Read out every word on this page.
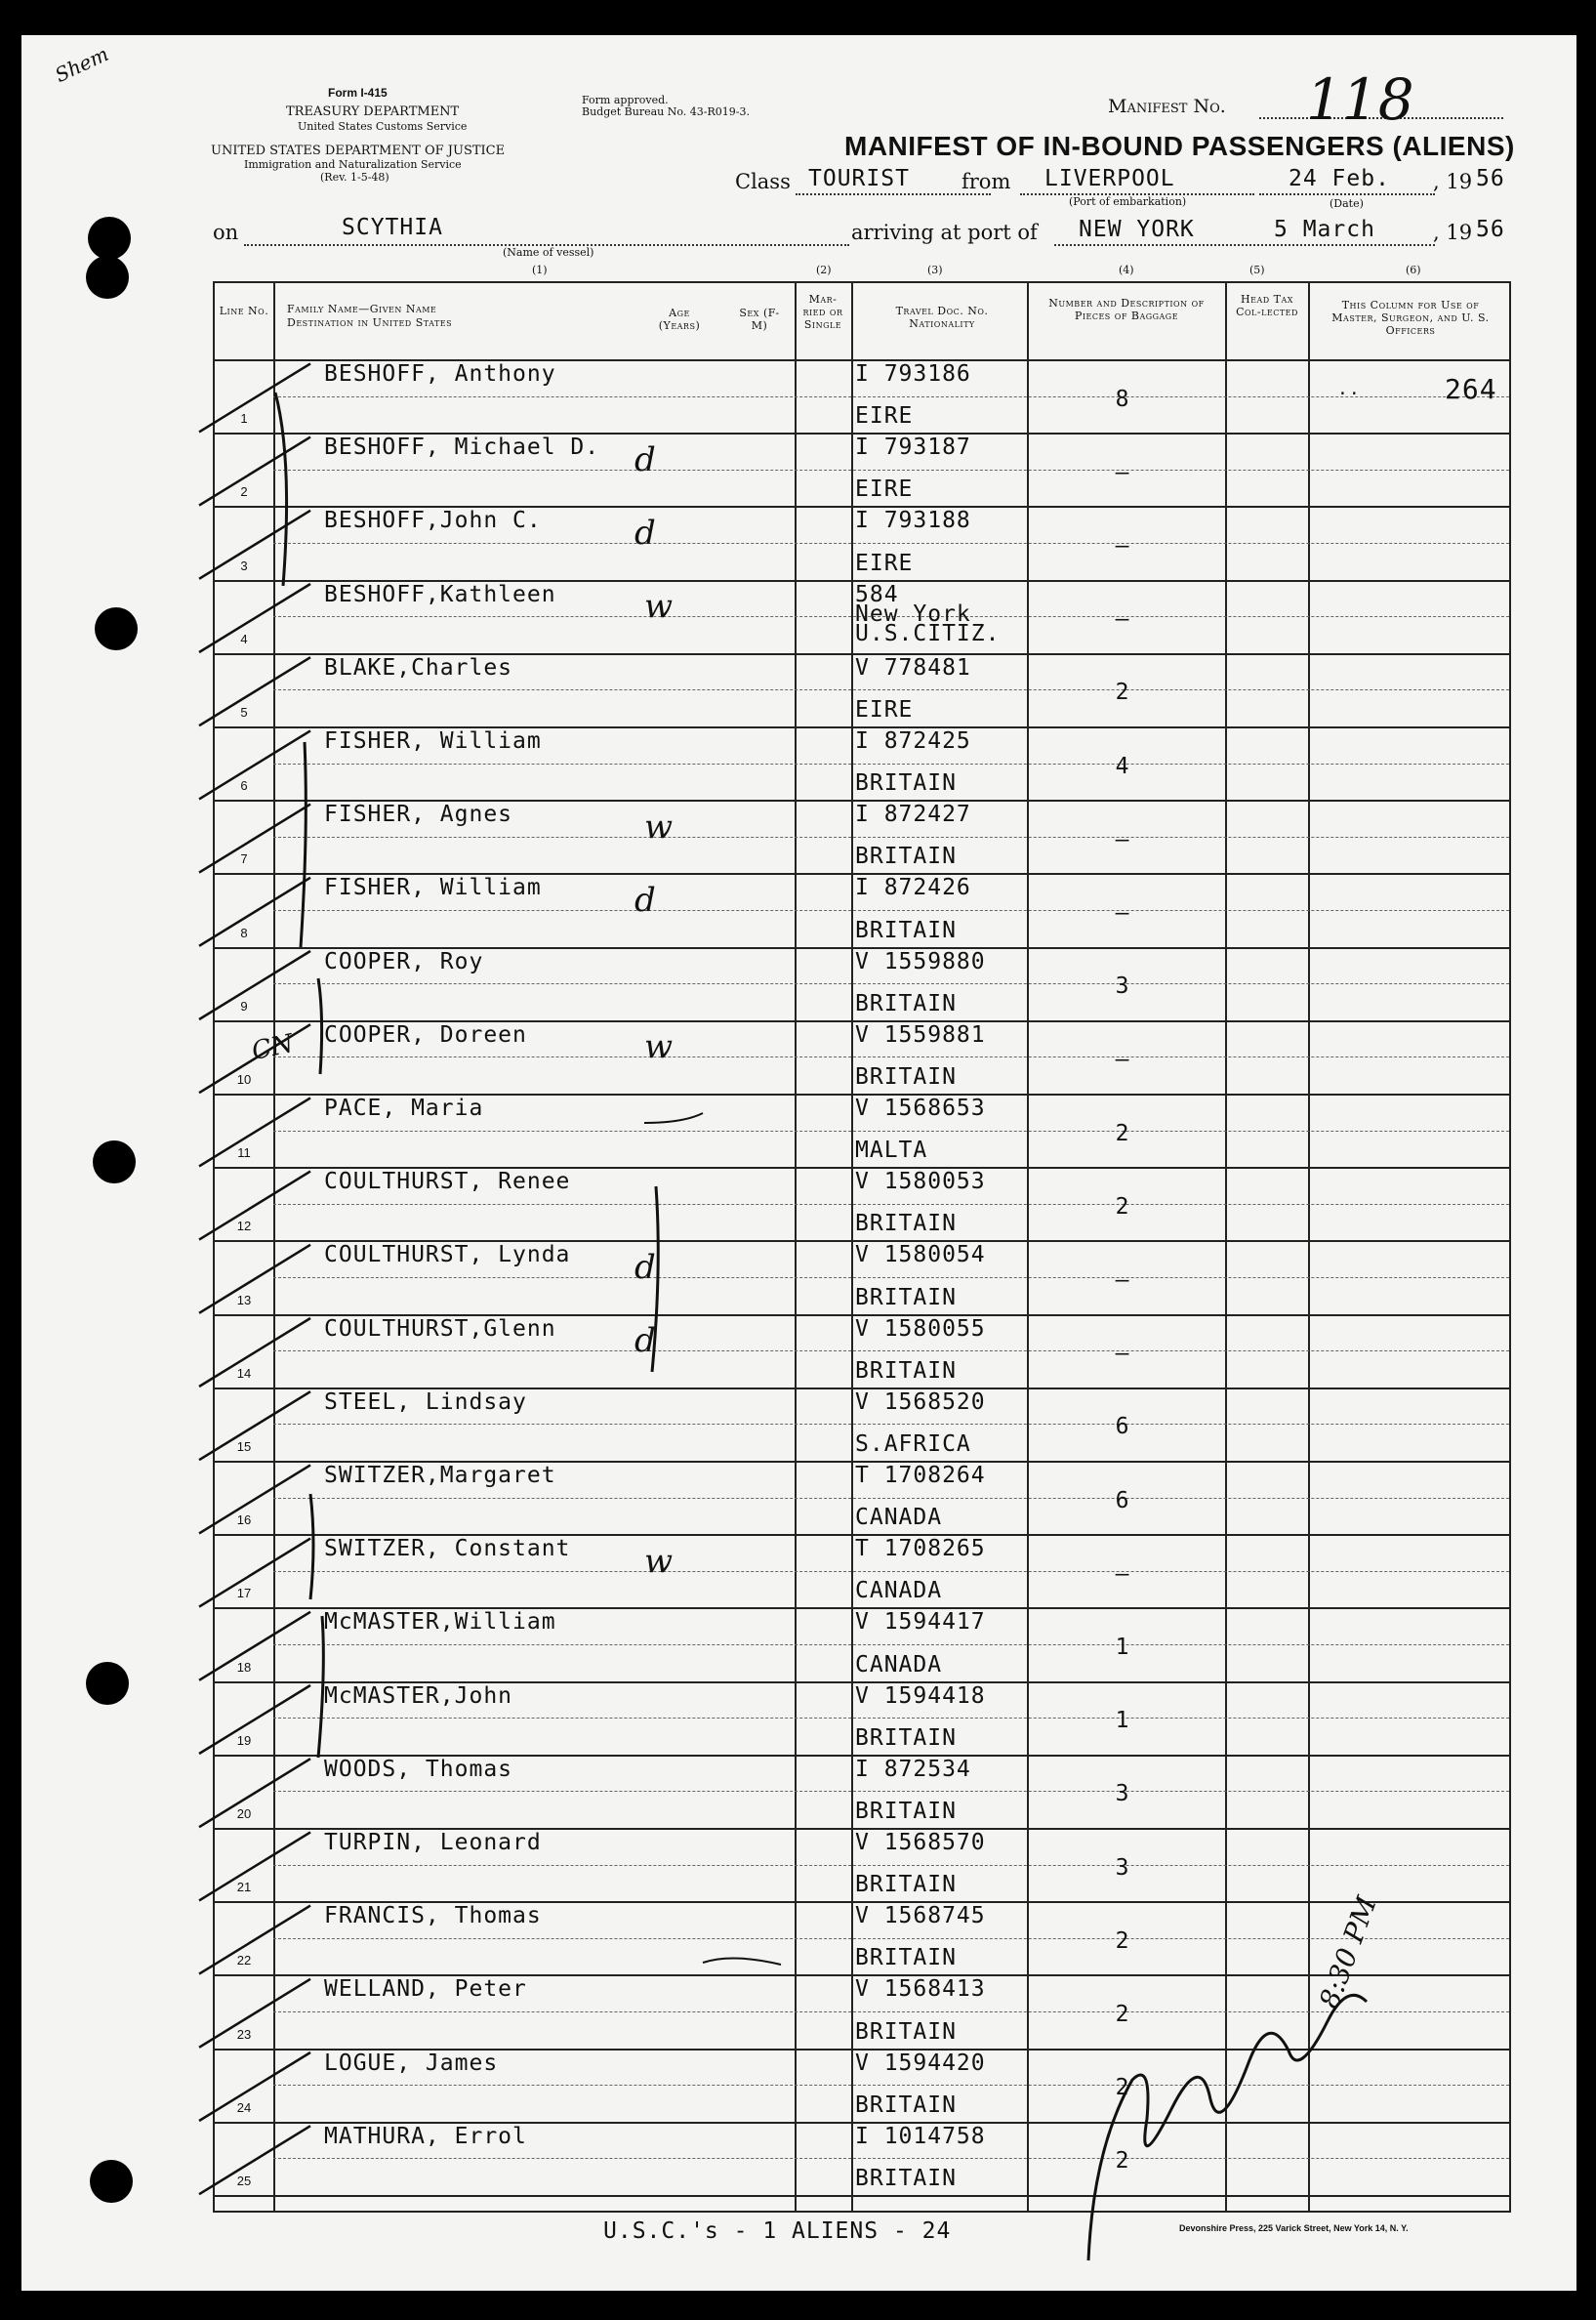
Shem
Form I-415
TREASURY DEPARTMENT
United States Customs Service
Form approved.
Budget Bureau No. 43-R019-3.
UNITED STATES DEPARTMENT OF JUSTICE
Immigration and Naturalization Service
(Rev. 1-5-48)
Manifest No. 118
MANIFEST OF IN-BOUND PASSENGERS (ALIENS)
Class TOURIST	from LIVERPOOL
(Port of embarkation)
24 Feb.
(Date)
, 19 56
on	SCYTHIA
(Name of vessel)
arriving at port of NEW YORK	5 March	, 19 56
(1)	(2)	(3)	(4)	(5)	(6)
Line No. Family Name—Given Name
Destination in United States
Age (Years)
Sex (F-M)
Mar-ried or Single
Travel Doc. No. Nationality
Number and Description of Pieces of Baggage
Head Tax Col-lected
This Column for Use of Master, Surgeon, and U. S. Officers
1
BESHOFF, Anthony	I 793186
EIRE
8	264
..
2
BESHOFF, Michael D.	I 793187
EIRE
–
d
3
BESHOFF,John C.	I 793188
EIRE
–
d
4
BESHOFF,Kathleen	584
New York U.S.CITIZ.
–
w
5
BLAKE,Charles	V 778481
EIRE
2
6
FISHER, William	I 872425
BRITAIN
4
7
FISHER, Agnes	I 872427
BRITAIN
–
w
8
FISHER, William	I 872426
BRITAIN
–
d
9
COOPER, Roy	V 1559880
BRITAIN
3
10
COOPER, Doreen	V 1559881
BRITAIN
–
w
11
PACE, Maria	V 1568653
MALTA
2
12
COULTHURST, Renee	V 1580053
BRITAIN
2
13
COULTHURST, Lynda	V 1580054
BRITAIN
–
d
14
COULTHURST,Glenn	V 1580055
BRITAIN
–
d
15
STEEL, Lindsay	V 1568520
S.AFRICA
6
16
SWITZER,Margaret	T 1708264
CANADA
6
17
SWITZER, Constant	T 1708265
CANADA
–
w
18
McMASTER,William	V 1594417
CANADA
1
19
McMASTER,John	V 1594418
BRITAIN
1
20
WOODS, Thomas	I 872534
BRITAIN
3
21
TURPIN, Leonard	V 1568570
BRITAIN
3
22
FRANCIS, Thomas	V 1568745
BRITAIN
2
23
WELLAND, Peter	V 1568413
BRITAIN
2
24
LOGUE, James	V 1594420
BRITAIN
2
25
MATHURA, Errol	I 1014758
BRITAIN
2
CN
8:30 PM
U.S.C.'s - 1 ALIENS - 24	Devonshire Press, 225 Varick Street, New York 14, N. Y.
